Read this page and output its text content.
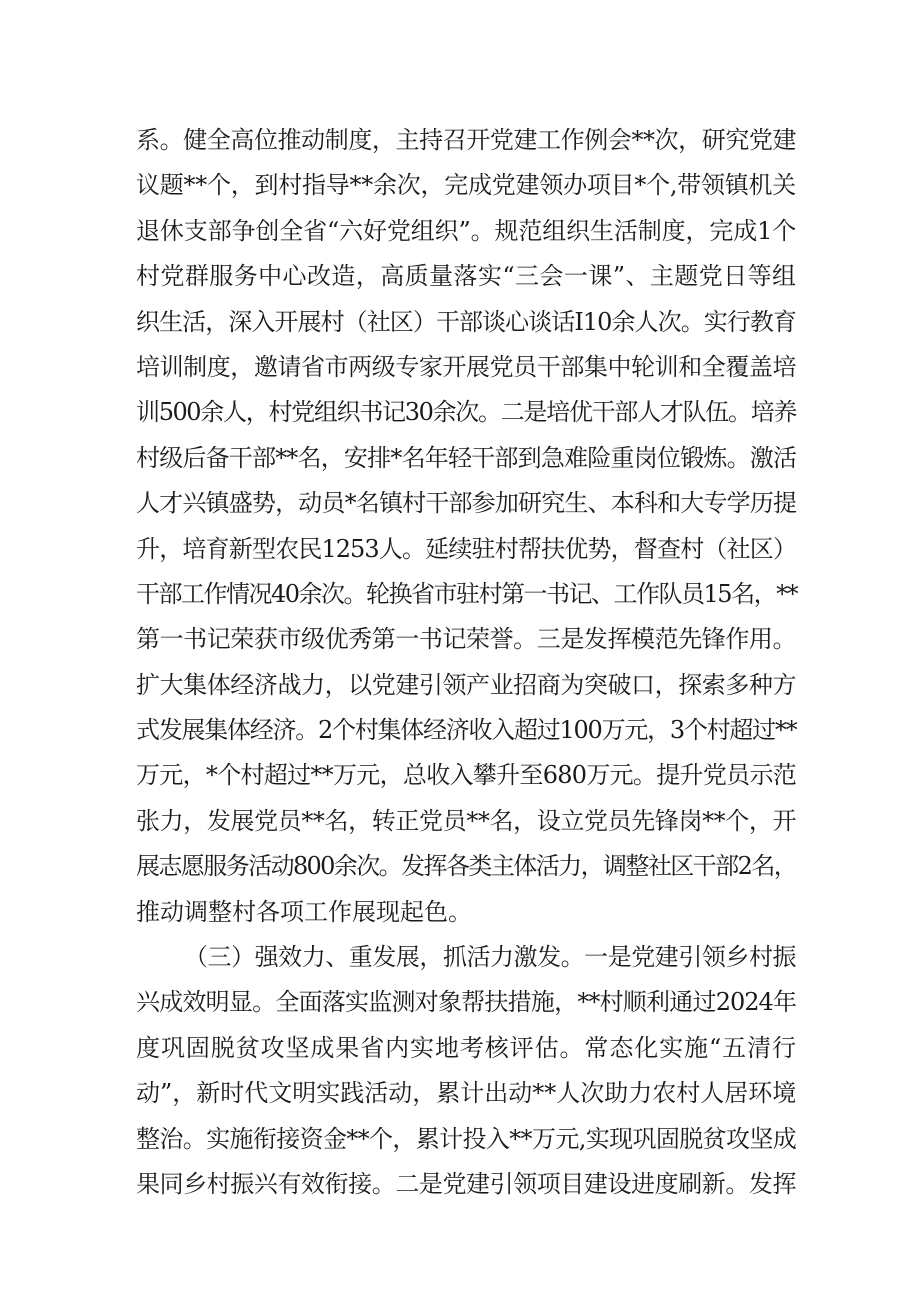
系。健全高位推动制度，主持召开党建工作例会**次，研究党建
议题**个，到村指导**余次，完成党建领办项目*个,带领镇机关
退休支部争创全省“六好党组织”。规范组织生活制度，完成1个
村党群服务中心改造，高质量落实“三会一课”、主题党日等组
织生活，深入开展村（社区）干部谈心谈话I10余人次。实行教育
培训制度，邀请省市两级专家开展党员干部集中轮训和全覆盖培
训500余人，村党组织书记30余次。二是培优干部人才队伍。培养
村级后备干部**名，安排*名年轻干部到急难险重岗位锻炼。激活
人才兴镇盛势，动员*名镇村干部参加研究生、本科和大专学历提
升，培育新型农民1253人。延续驻村帮扶优势，督查村（社区）
干部工作情况40余次。轮换省市驻村第一书记、工作队员15名，**
第一书记荣获市级优秀第一书记荣誉。三是发挥模范先锋作用。
扩大集体经济战力，以党建引领产业招商为突破口，探索多种方
式发展集体经济。2个村集体经济收入超过100万元，3个村超过**
万元，*个村超过**万元，总收入攀升至680万元。提升党员示范
张力，发展党员**名，转正党员**名，设立党员先锋岗**个，开
展志愿服务活动800余次。发挥各类主体活力，调整社区干部2名，
推动调整村各项工作展现起色。
（三）强效力、重发展，抓活力激发。一是党建引领乡村振
兴成效明显。全面落实监测对象帮扶措施，**村顺利通过2024年
度巩固脱贫攻坚成果省内实地考核评估。常态化实施“五清行
动”，新时代文明实践活动，累计出动**人次助力农村人居环境
整治。实施衔接资金**个，累计投入**万元,实现巩固脱贫攻坚成
果同乡村振兴有效衔接。二是党建引领项目建设进度刷新。发挥
